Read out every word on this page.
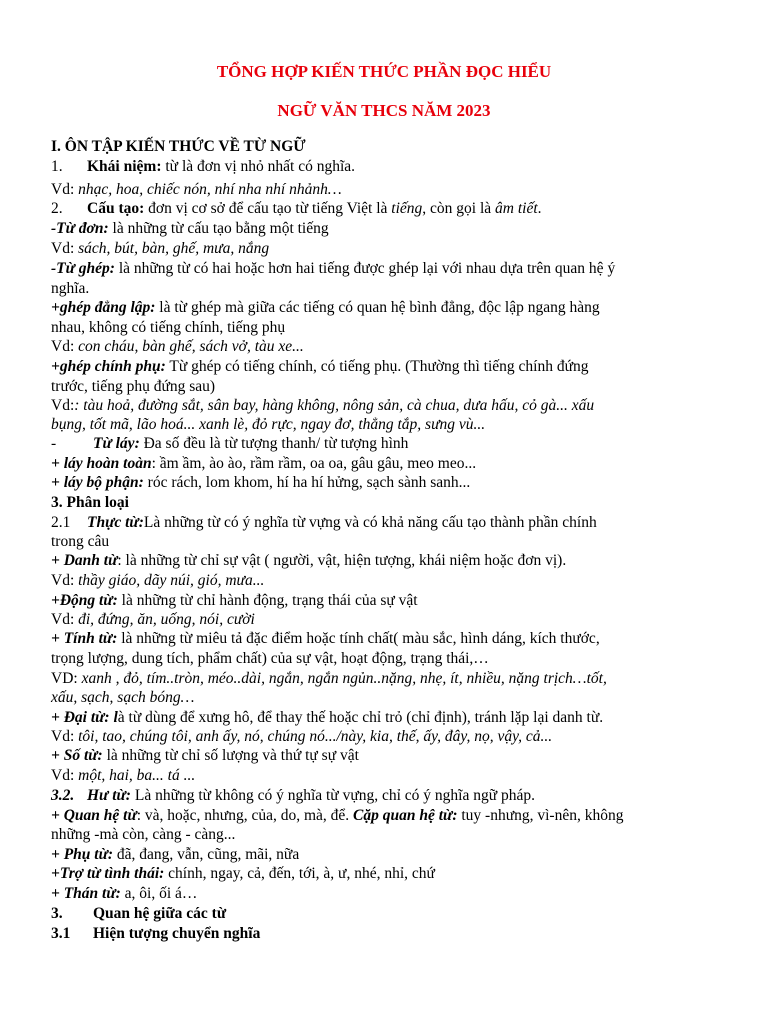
TỔNG HỢP KIẾN THỨC PHẦN ĐỌC HIỂU
NGỮ VĂN THCS NĂM 2023
I. ÔN TẬP KIẾN THỨC VỀ TỪ NGỮ
1. Khái niệm: từ là đơn vị nhỏ nhất có nghĩa.
Vd: nhạc, hoa, chiếc nón, nhí nha nhí nhảnh…
2. Cấu tạo: đơn vị cơ sở để cấu tạo từ tiếng Việt là tiếng, còn gọi là âm tiết.
-Từ đơn: là những từ cấu tạo bằng một tiếng
Vd: sách, bút, bàn, ghế, mưa, nắng
-Từ ghép: là những từ có hai hoặc hơn hai tiếng được ghép lại với nhau dựa trên quan hệ ý
nghĩa.
+ghép đẳng lập: là từ ghép mà giữa các tiếng có quan hệ bình đẳng, độc lập ngang hàng
nhau, không có tiếng chính, tiếng phụ
Vd: con cháu, bàn ghế, sách vở, tàu xe...
+ghép chính phụ: Từ ghép có tiếng chính, có tiếng phụ. (Thường thì tiếng chính đứng
trước, tiếng phụ đứng sau)
Vd:: tàu hoả, đường sắt, sân bay, hàng không, nông sản, cà chua, dưa hấu, cỏ gà... xấu
bụng, tốt mã, lão hoá... xanh lè, đỏ rực, ngay đơ, thẳng tắp, sưng vù...
- Từ láy: Đa số đều là từ tượng thanh/ từ tượng hình
+ láy hoàn toàn: ầm ầm, ào ào, rầm rầm, oa oa, gâu gâu, meo meo...
+ láy bộ phận: róc rách, lom khom, hí ha hí hửng, sạch sành sanh...
3. Phân loại
2.1 Thực từ:Là những từ có ý nghĩa từ vựng và có khả năng cấu tạo thành phần chính
trong câu
+ Danh từ: là những từ chỉ sự vật ( người, vật, hiện tượng, khái niệm hoặc đơn vị).
Vd: thầy giáo, dãy núi, gió, mưa...
+Động từ: là những từ chỉ hành động, trạng thái của sự vật
Vd: đi, đứng, ăn, uống, nói, cười
+ Tính từ: là những từ miêu tả đặc điểm hoặc tính chất( màu sắc, hình dáng, kích thước,
trọng lượng, dung tích, phẩm chất) của sự vật, hoạt động, trạng thái,…
VD: xanh , đỏ, tím..tròn, méo..dài, ngắn, ngắn ngủn..nặng, nhẹ, ít, nhiều, nặng trịch…tốt,
xấu, sạch, sạch bóng…
+ Đại từ: là từ dùng để xưng hô, để thay thế hoặc chỉ trỏ (chỉ định), tránh lặp lại danh từ.
Vd: tôi, tao, chúng tôi, anh ấy, nó, chúng nó.../này, kia, thế, ấy, đây, nọ, vậy, cả...
+ Số từ: là những từ chỉ số lượng và thứ tự sự vật
Vd: một, hai, ba... tá ...
3.2. Hư từ: Là những từ không có ý nghĩa từ vựng, chỉ có ý nghĩa ngữ pháp.
+ Quan hệ từ: và, hoặc, nhưng, của, do, mà, để. Cặp quan hệ từ: tuy -nhưng, vì-nên, không
những -mà còn, càng - càng...
+ Phụ từ: đã, đang, vẫn, cũng, mãi, nữa
+Trợ từ tình thái: chính, ngay, cả, đến, tới, à, ư, nhé, nhỉ, chứ
+ Thán từ: a, ôi, ối á…
3. Quan hệ giữa các từ
3.1 Hiện tượng chuyển nghĩa
